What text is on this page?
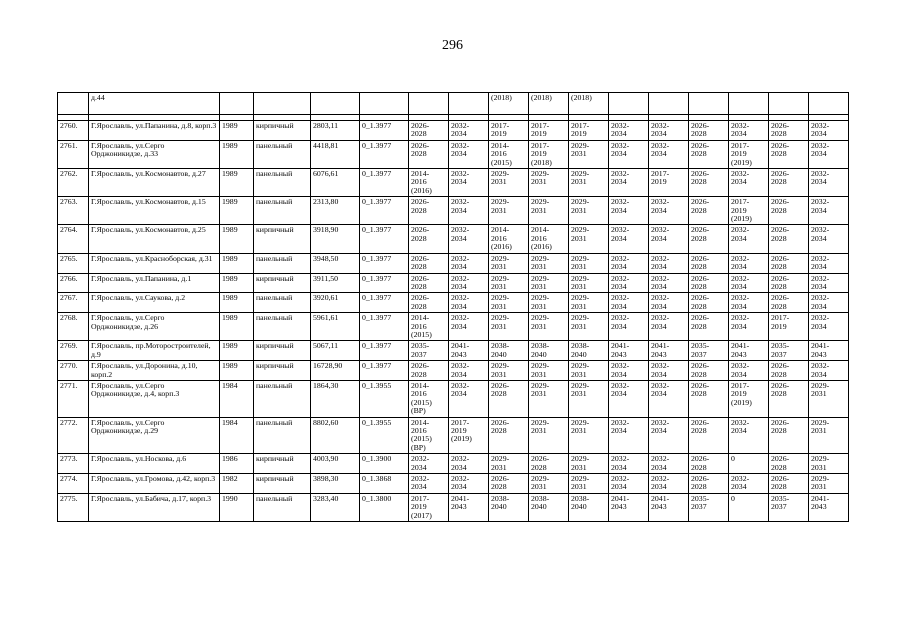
296
	д.44							(2018)	(2018)	(2018)						

2760.	Г.Ярославль, ул.Папанина, д.8, корп.3	1989	кирпичный	2803,11	0_1.3977	2026- 2028	2032- 2034	2017- 2019	2017- 2019	2017- 2019	2032- 2034	2032- 2034	2026- 2028	2032- 2034	2026- 2028	2032- 2034
2761.	Г.Ярославль, ул.Серго Орджоникидзе, д.33	1989	панельный	4418,81	0_1.3977	2026- 2028	2032- 2034	2014- 2016 (2015)	2017- 2019 (2018)	2029- 2031	2032- 2034	2032- 2034	2026- 2028	2017- 2019 (2019)	2026- 2028	2032- 2034
2762.	Г.Ярославль, ул.Космонавтов, д.27	1989	панельный	6076,61	0_1.3977	2014- 2016 (2016)	2032- 2034	2029- 2031	2029- 2031	2029- 2031	2032- 2034	2017- 2019	2026- 2028	2032- 2034	2026- 2028	2032- 2034
2763.	Г.Ярославль, ул.Космонавтов, д.15	1989	панельный	2313,80	0_1.3977	2026- 2028	2032- 2034	2029- 2031	2029- 2031	2029- 2031	2032- 2034	2032- 2034	2026- 2028	2017- 2019 (2019)	2026- 2028	2032- 2034
2764.	Г.Ярославль, ул.Космонавтов, д.25	1989	кирпичный	3918,90	0_1.3977	2026- 2028	2032- 2034	2014- 2016 (2016)	2014- 2016 (2016)	2029- 2031	2032- 2034	2032- 2034	2026- 2028	2032- 2034	2026- 2028	2032- 2034
2765.	Г.Ярославль, ул.Красноборская, д.31	1989	панельный	3948,50	0_1.3977	2026- 2028	2032- 2034	2029- 2031	2029- 2031	2029- 2031	2032- 2034	2032- 2034	2026- 2028	2032- 2034	2026- 2028	2032- 2034
2766.	Г.Ярославль, ул.Папанина, д.1	1989	кирпичный	3911,50	0_1.3977	2026- 2028	2032- 2034	2029- 2031	2029- 2031	2029- 2031	2032- 2034	2032- 2034	2026- 2028	2032- 2034	2026- 2028	2032- 2034
2767.	Г.Ярославль, ул.Саукова, д.2	1989	панельный	3920,61	0_1.3977	2026- 2028	2032- 2034	2029- 2031	2029- 2031	2029- 2031	2032- 2034	2032- 2034	2026- 2028	2032- 2034	2026- 2028	2032- 2034
2768.	Г.Ярославль, ул.Серго Орджоникидзе, д.26	1989	панельный	5961,61	0_1.3977	2014- 2016 (2015)	2032- 2034	2029- 2031	2029- 2031	2029- 2031	2032- 2034	2032- 2034	2026- 2028	2032- 2034	2017- 2019	2032- 2034
2769.	Г.Ярославль, пр.Моторостроителей, д.9	1989	кирпичный	5067,11	0_1.3977	2035- 2037	2041- 2043	2038- 2040	2038- 2040	2038- 2040	2041- 2043	2041- 2043	2035- 2037	2041- 2043	2035- 2037	2041- 2043
2770.	Г.Ярославль, ул.Доронина, д.10, корп.2	1989	кирпичный	16728,90	0_1.3977	2026- 2028	2032- 2034	2029- 2031	2029- 2031	2029- 2031	2032- 2034	2032- 2034	2026- 2028	2032- 2034	2026- 2028	2032- 2034
2771.	Г.Ярославль, ул.Серго Орджоникидзе, д.4, корп.3	1984	панельный	1864,30	0_1.3955	2014- 2016 (2015) (ВР)	2032- 2034	2026- 2028	2029- 2031	2029- 2031	2032- 2034	2032- 2034	2026- 2028	2017- 2019 (2019)	2026- 2028	2029- 2031
2772.	Г.Ярославль, ул.Серго Орджоникидзе, д.29	1984	панельный	8802,60	0_1.3955	2014- 2016 (2015) (ВР)	2017- 2019 (2019)	2026- 2028	2029- 2031	2029- 2031	2032- 2034	2032- 2034	2026- 2028	2032- 2034	2026- 2028	2029- 2031
2773.	Г.Ярославль, ул.Носкова, д.6	1986	кирпичный	4003,90	0_1.3900	2032- 2034	2032- 2034	2029- 2031	2026- 2028	2029- 2031	2032- 2034	2032- 2034	2026- 2028	0	2026- 2028	2029- 2031
2774.	Г.Ярославль, ул.Громова, д.42, корп.3	1982	кирпичный	3898,30	0_1.3868	2032- 2034	2032- 2034	2026- 2028	2029- 2031	2029- 2031	2032- 2034	2032- 2034	2026- 2028	2032- 2034	2026- 2028	2029- 2031
2775.	Г.Ярославль, ул.Бабича, д.17, корп.3	1990	панельный	3283,40	0_1.3800	2017- 2019 (2017)	2041- 2043	2038- 2040	2038- 2040	2038- 2040	2041- 2043	2041- 2043	2035- 2037	0	2035- 2037	2041- 2043
